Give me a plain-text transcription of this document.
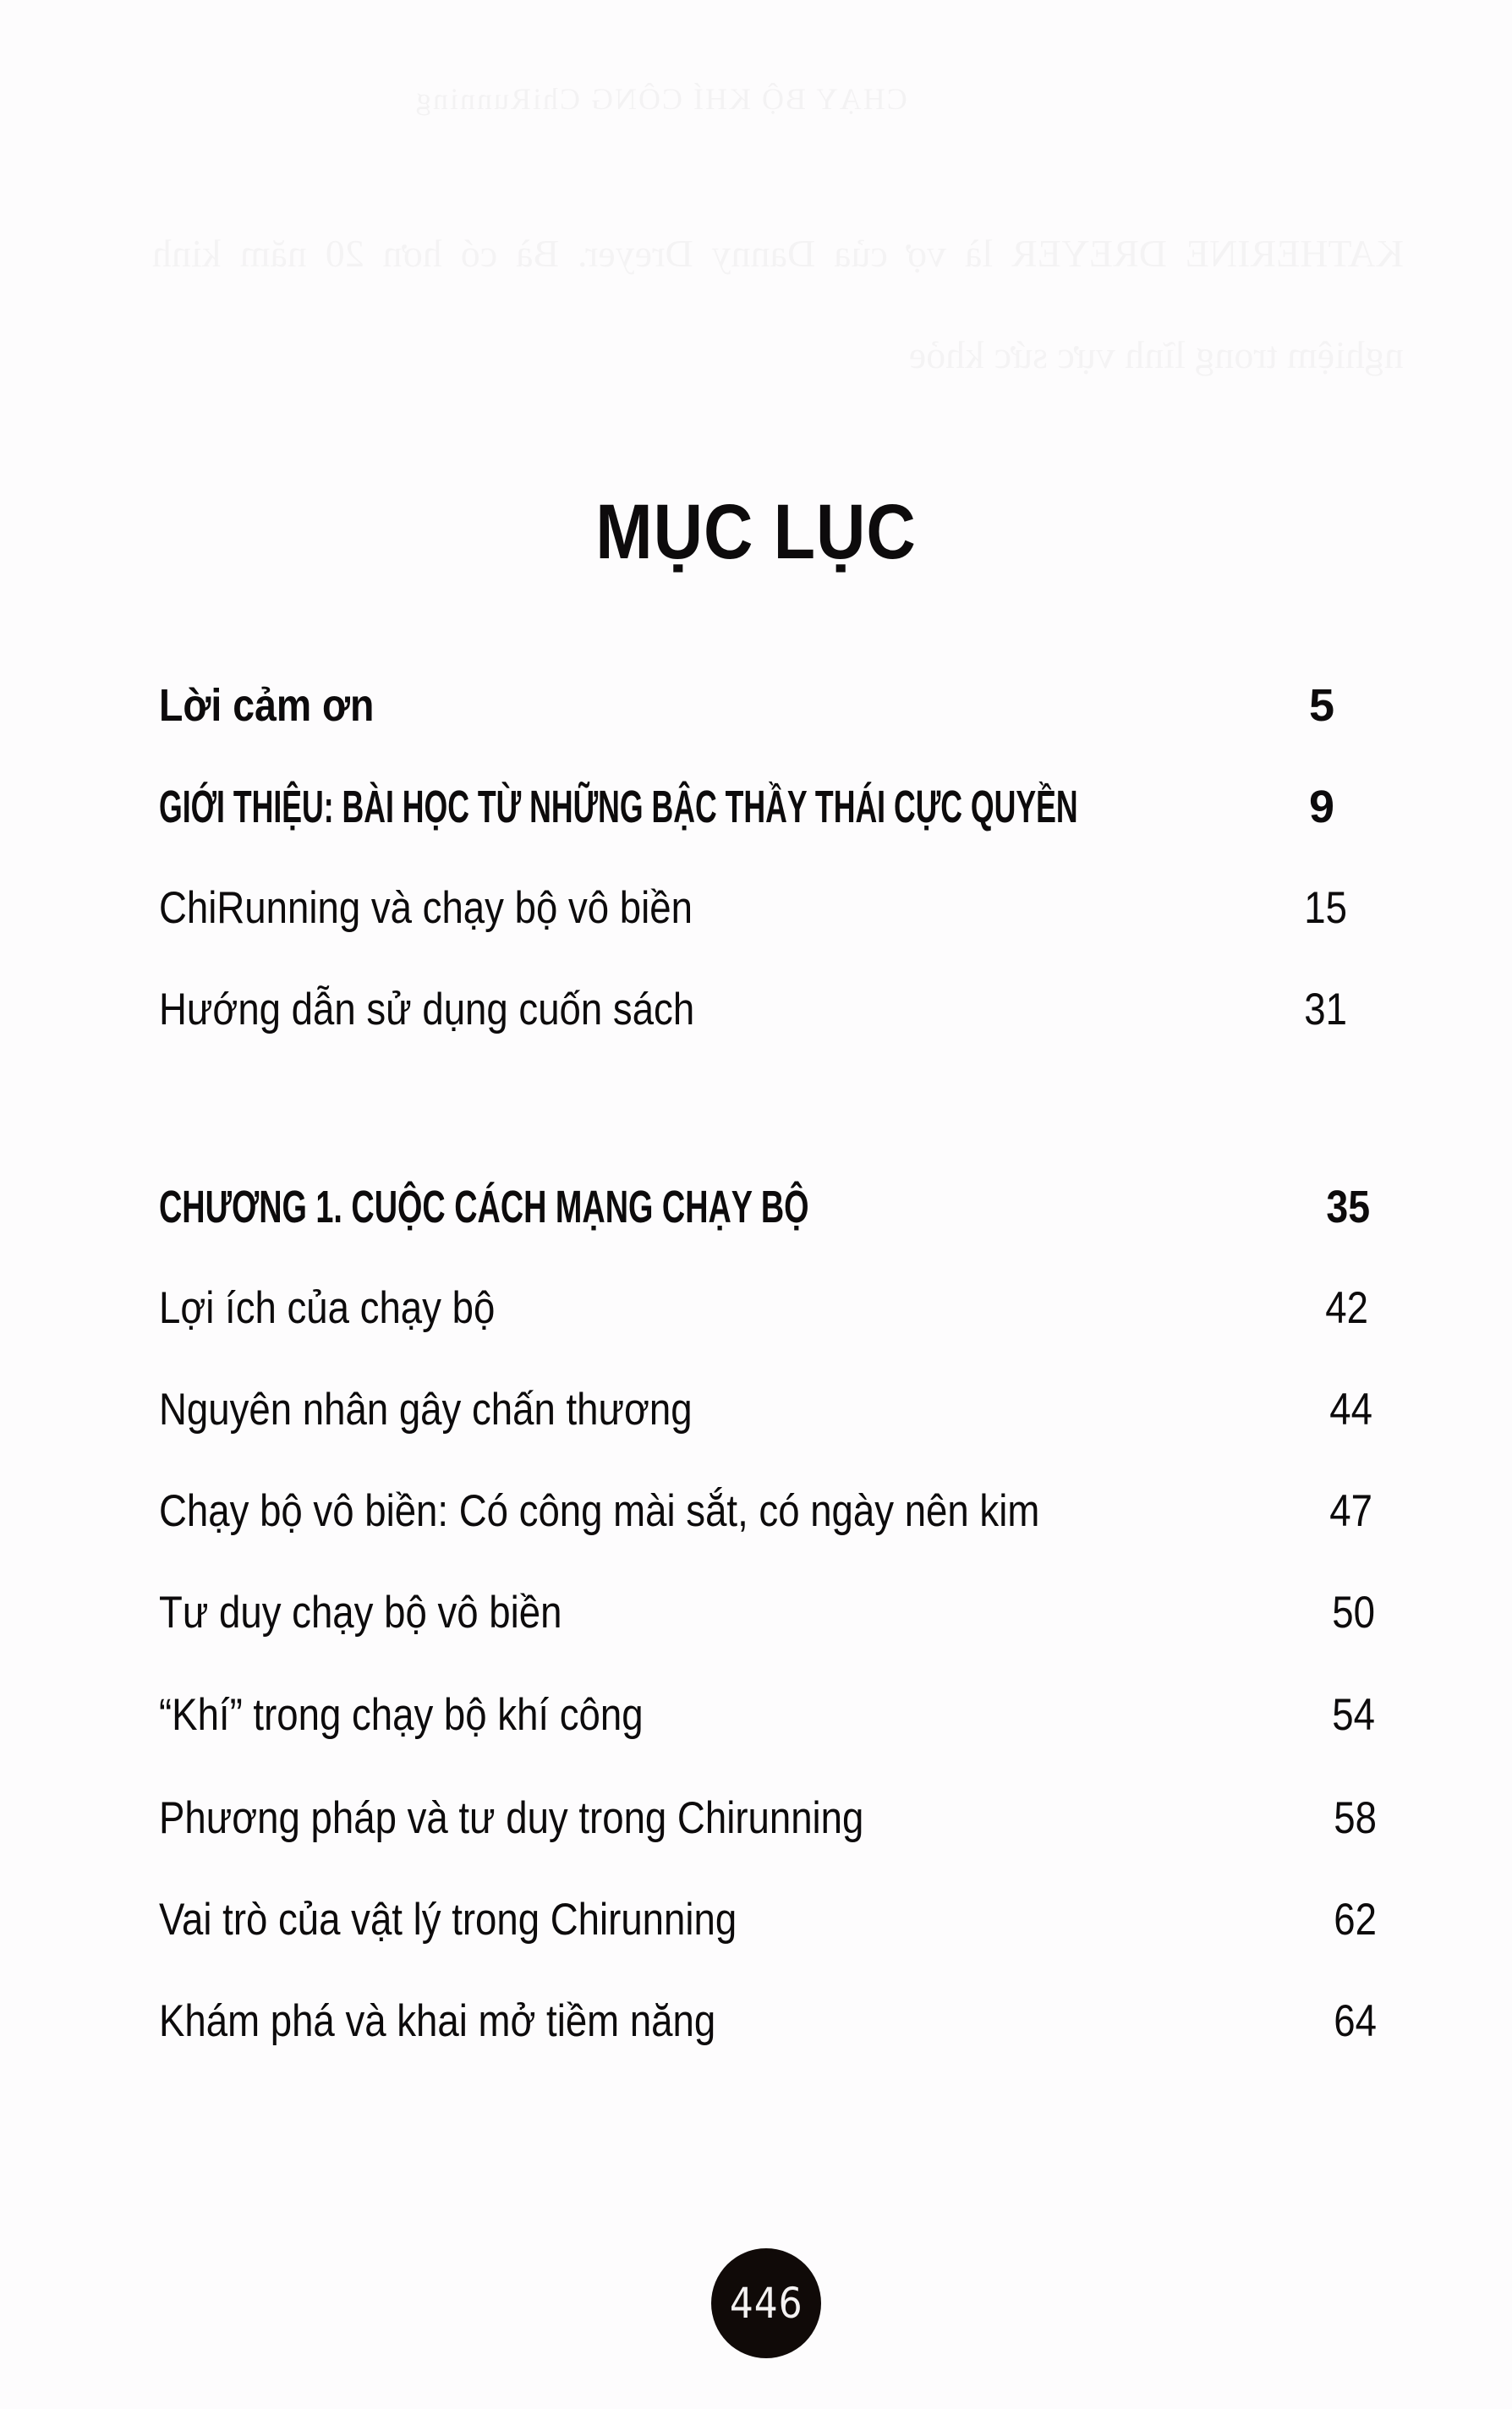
MỤC LỤC
Lời cảm ơn	5
GIỚI THIỆU: BÀI HỌC TỪ NHỮNG BẬC THẦY THÁI CỰC QUYỀN	9
ChiRunning và chạy bộ vô biền	15
Hướng dẫn sử dụng cuốn sách	31
CHƯƠNG 1. CUỘC CÁCH MẠNG CHẠY BỘ	35
Lợi ích của chạy bộ	42
Nguyên nhân gây chấn thương	44
Chạy bộ vô biền: Có công mài sắt, có ngày nên kim	47
Tư duy chạy bộ vô biền	50
“Khí” trong chạy bộ khí công	54
Phương pháp và tư duy trong Chirunning	58
Vai trò của vật lý trong Chirunning	62
Khám phá và khai mở tiềm năng	64
446
